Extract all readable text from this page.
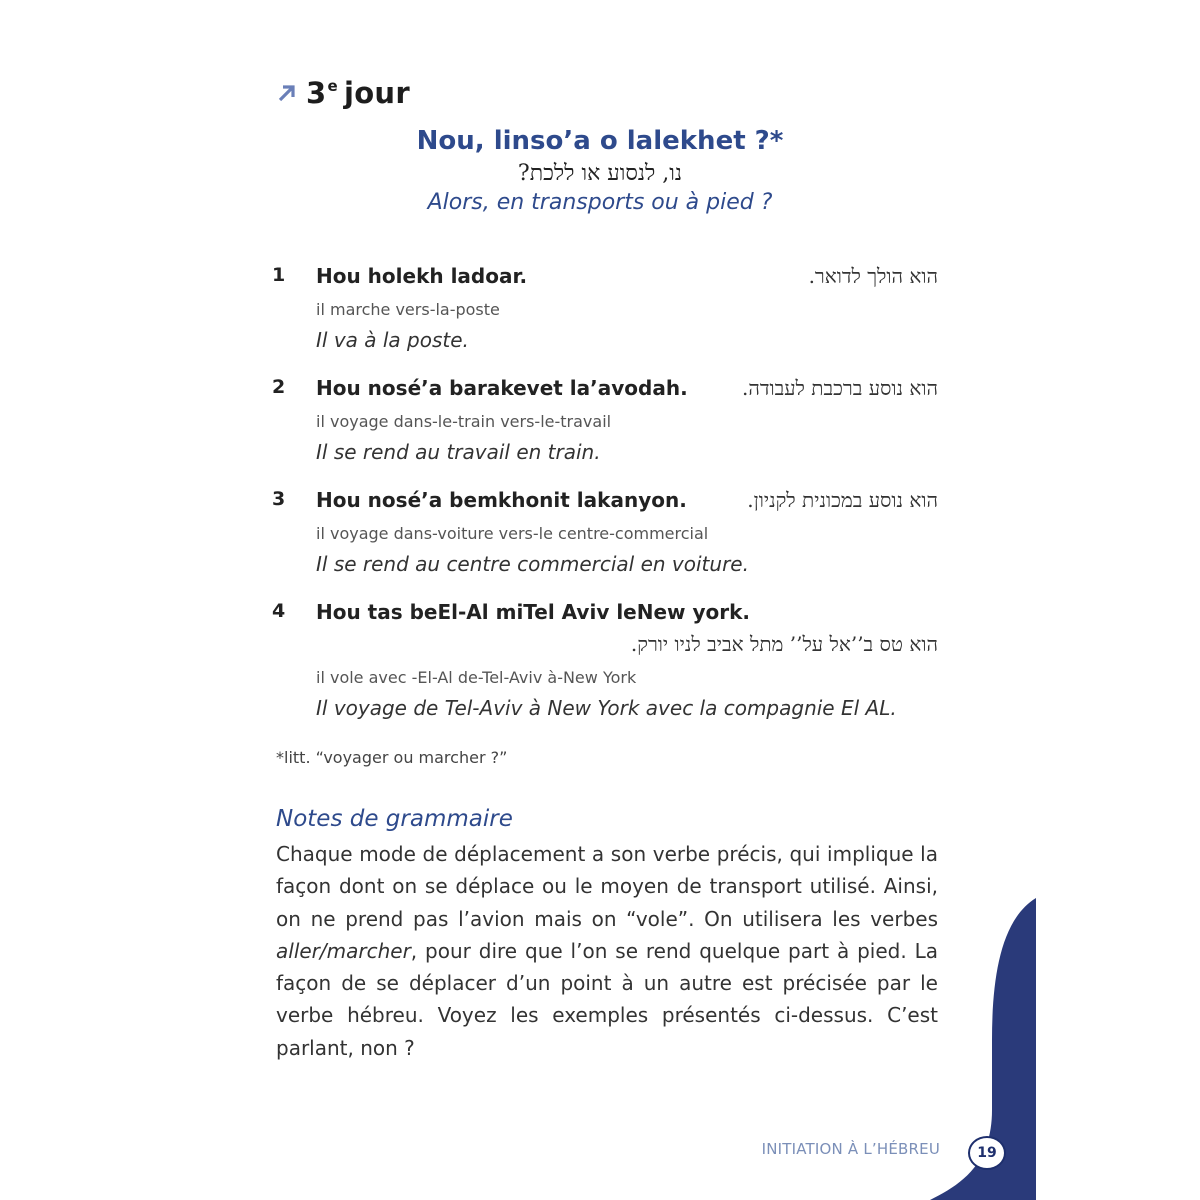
3e jour
Nou, linso’a o lalekhet ?*
נו, לנסוע או ללכת?
Alors, en transports ou à pied ?
1 Hou holekh ladoar.	הוא הולך לדואר.
il marche vers-la-poste
Il va à la poste.
2 Hou nosé’a barakevet la’avodah.	הוא נוסע ברכבת לעבודה.
il voyage dans-le-train vers-le-travail
Il se rend au travail en train.
3 Hou nosé’a bemkhonit lakanyon.	הוא נוסע במכונית לקניון.
il voyage dans-voiture vers-le centre-commercial
Il se rend au centre commercial en voiture.
4 Hou tas beEl-Al miTel Aviv leNew york.
הוא טס ב’’אל על’’ מתל אביב לניו יורק.
il vole avec -El-Al de-Tel-Aviv à-New York
Il voyage de Tel-Aviv à New York avec la compagnie El AL.
*litt. “voyager ou marcher ?”
Notes de grammaire
Chaque mode de déplacement a son verbe précis, qui implique la façon dont on se déplace ou le moyen de transport utilisé. Ainsi, on ne prend pas l’avion mais on “vole”. On utilisera les verbes aller/marcher, pour dire que l’on se rend quelque part à pied. La façon de se déplacer d’un point à un autre est précisée par le verbe hébreu. Voyez les exemples présentés ci-dessus. C’est parlant, non ?
INITIATION À L’HÉBREU	19
